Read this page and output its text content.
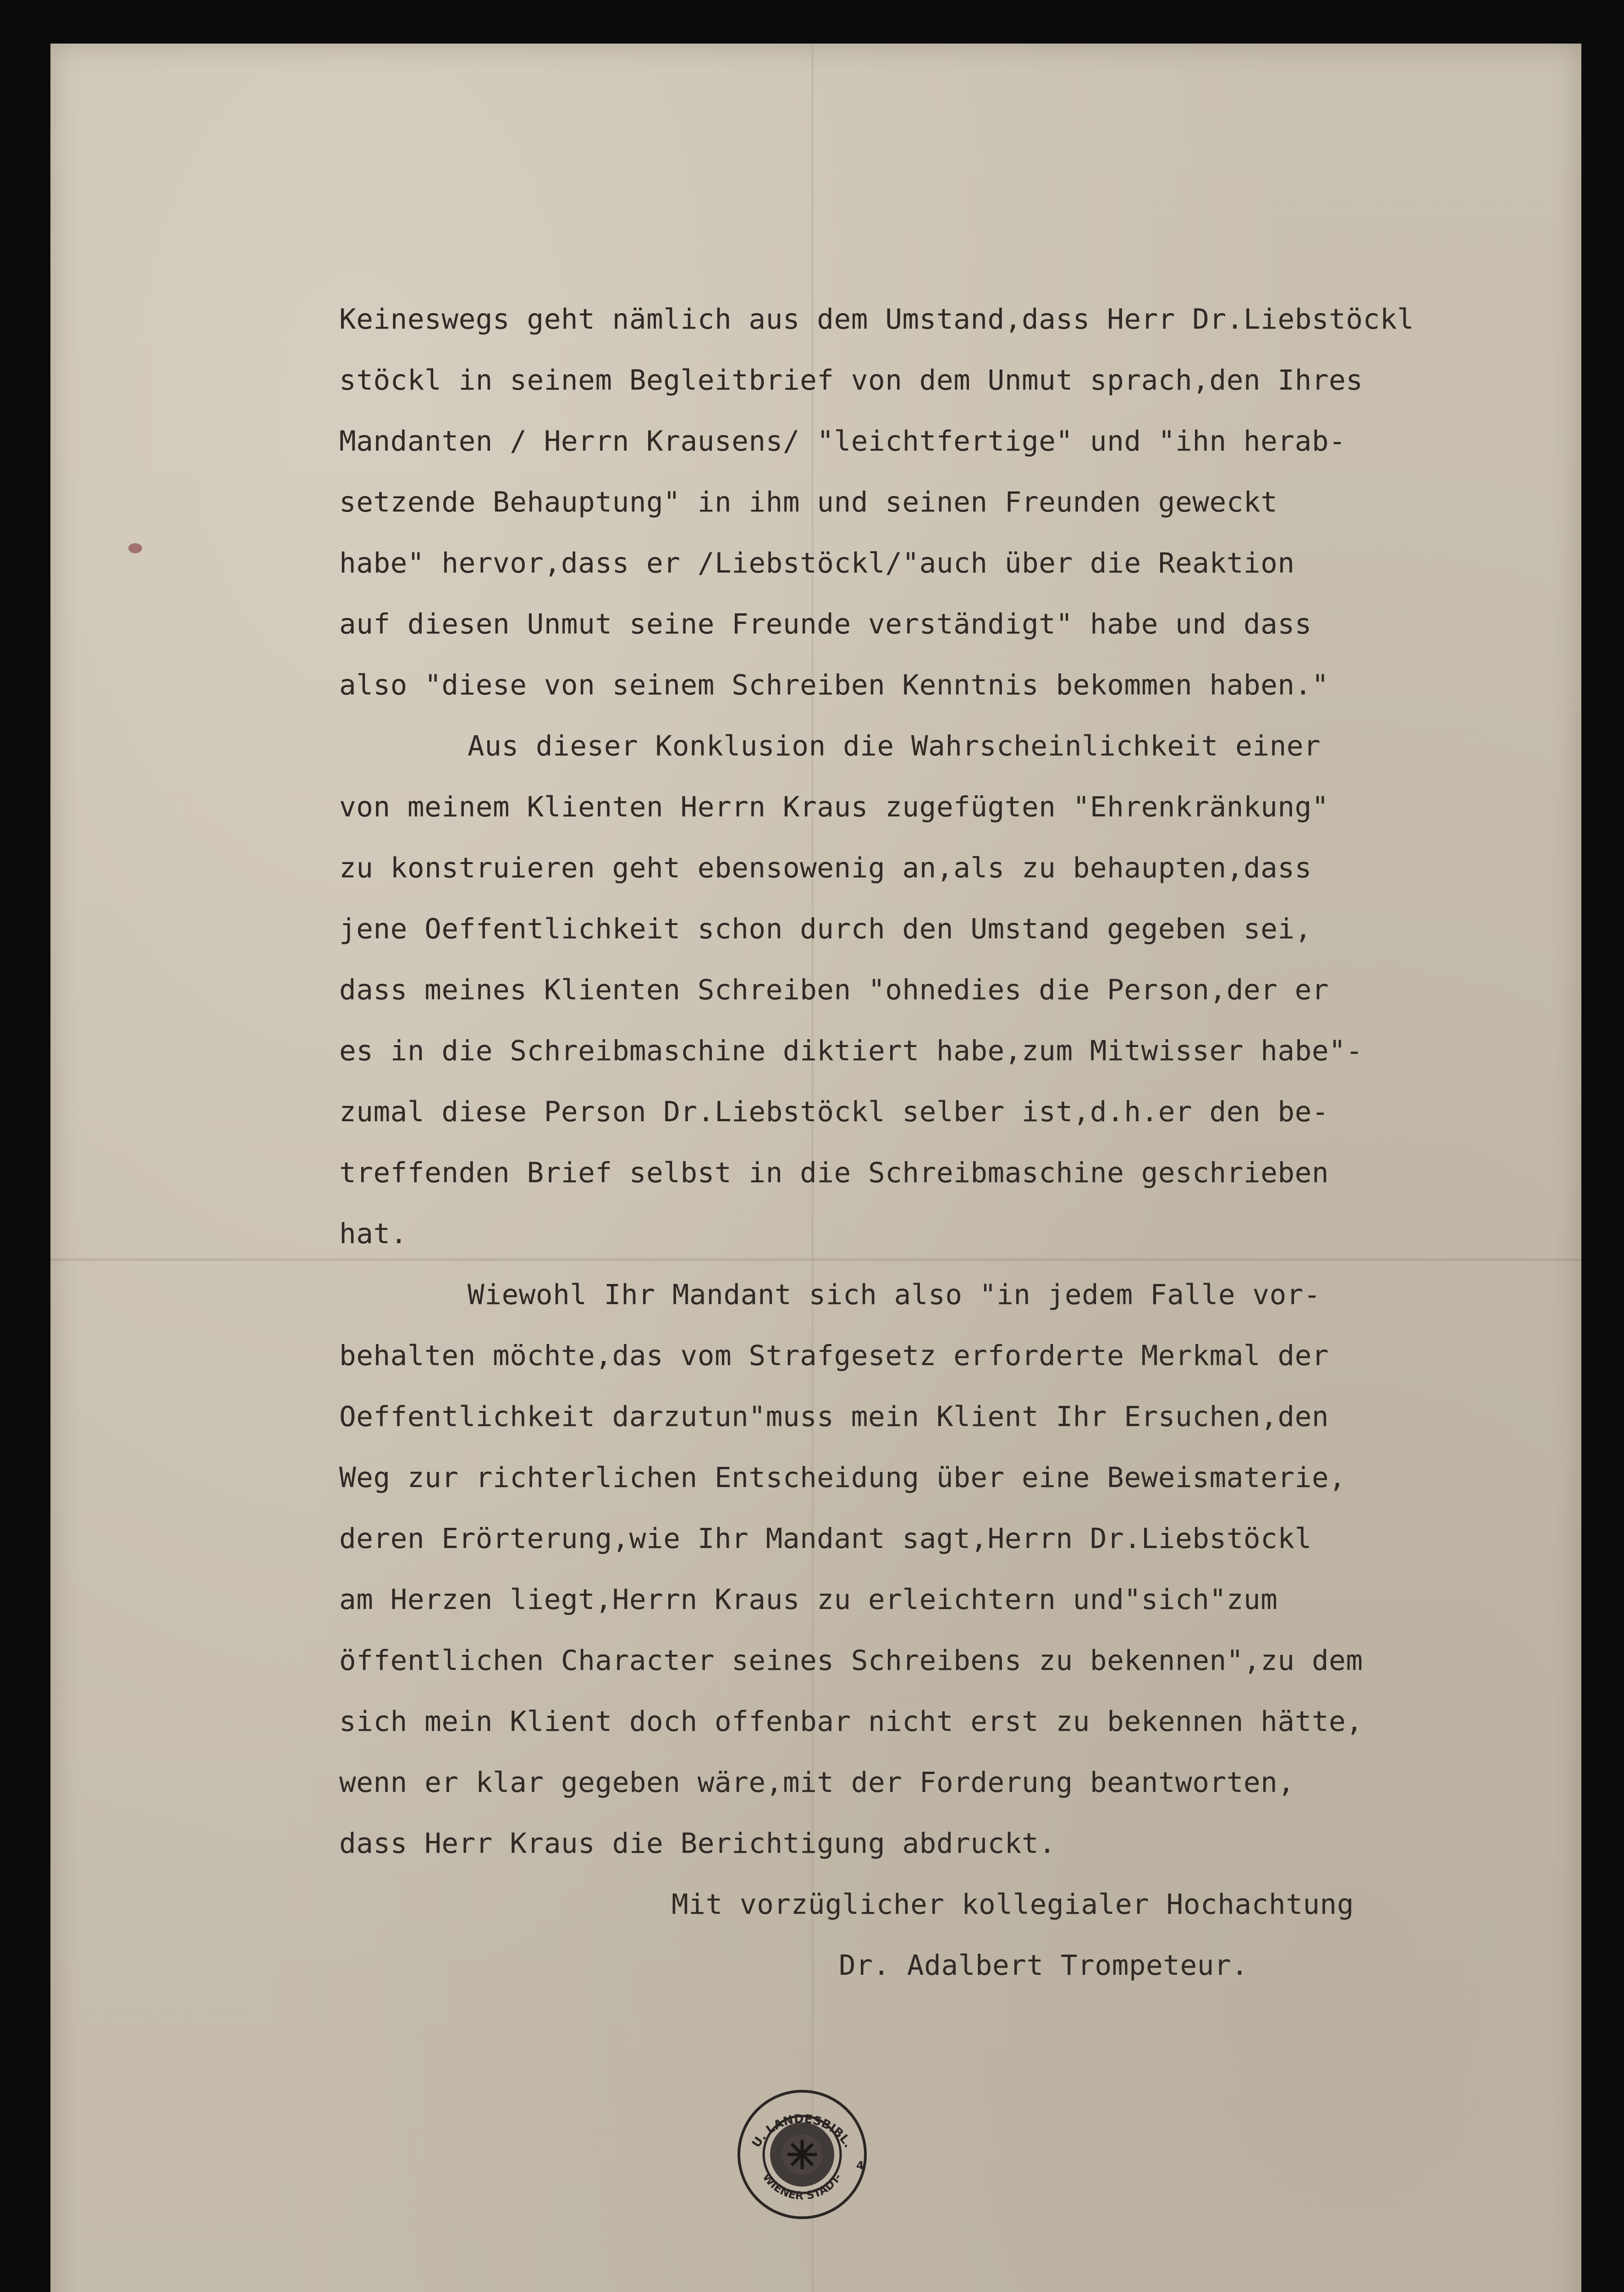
Keineswegs geht nämlich aus dem Umstand,dass Herr Dr.Liebstöckl
stöckl in seinem Begleitbrief von dem Unmut sprach,den Ihres
Mandanten / Herrn Krausens/ "leichtfertige" und "ihn herab-
setzende Behauptung" in ihm und seinen Freunden geweckt
habe" hervor,dass er /Liebstöckl/"auch über die Reaktion
auf diesen Unmut seine Freunde verständigt" habe und dass
also "diese von seinem Schreiben Kenntnis bekommen haben."
Aus dieser Konklusion die Wahrscheinlichkeit einer
von meinem Klienten Herrn Kraus zugefügten "Ehrenkränkung"
zu konstruieren geht ebensowenig an,als zu behaupten,dass
jene Oeffentlichkeit schon durch den Umstand gegeben sei,
dass meines Klienten Schreiben "ohnedies die Person,der er
es in die Schreibmaschine diktiert habe,zum Mitwisser habe"-
zumal diese Person Dr.Liebstöckl selber ist,d.h.er den be-
treffenden Brief selbst in die Schreibmaschine geschrieben
hat.
Wiewohl Ihr Mandant sich also "in jedem Falle vor-
behalten möchte,das vom Strafgesetz erforderte Merkmal der
Oeffentlichkeit darzutun"muss mein Klient Ihr Ersuchen,den
Weg zur richterlichen Entscheidung über eine Beweismaterie,
deren Erörterung,wie Ihr Mandant sagt,Herrn Dr.Liebstöckl
am Herzen liegt,Herrn Kraus zu erleichtern und"sich"zum
öffentlichen Character seines Schreibens zu bekennen",zu dem
sich mein Klient doch offenbar nicht erst zu bekennen hätte,
wenn er klar gegeben wäre,mit der Forderung beantworten,
dass Herr Kraus die Berichtigung abdruckt.
Mit vorzüglicher kollegialer Hochachtung
Dr. Adalbert Trompeteur.
U. LANDESBIBL.
WIENER STADT-
4
